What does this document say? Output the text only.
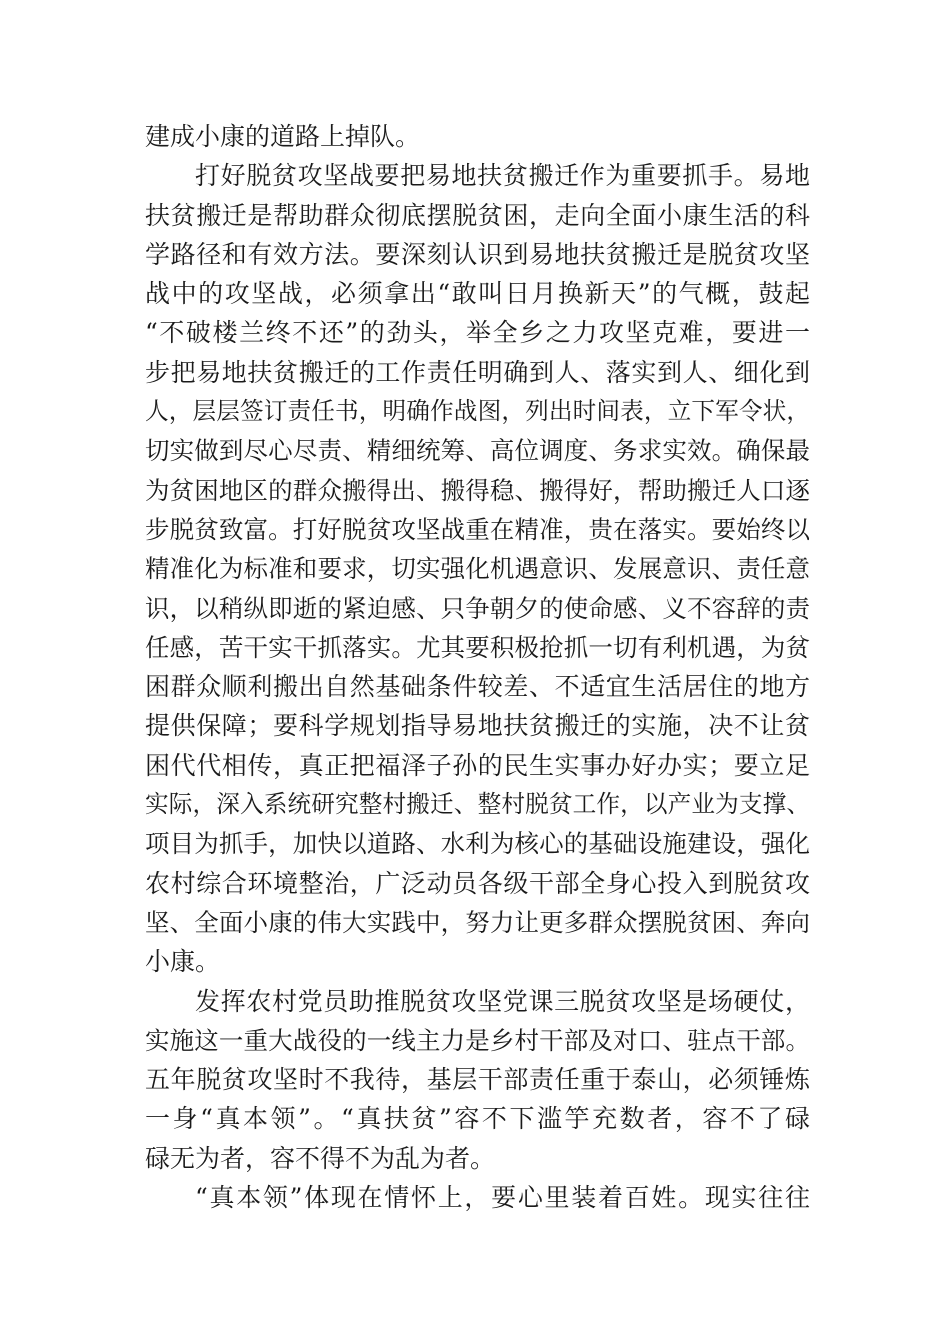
建成小康的道路上掉队。
打好脱贫攻坚战要把易地扶贫搬迁作为重要抓手。易地
扶贫搬迁是帮助群众彻底摆脱贫困，走向全面小康生活的科
学路径和有效方法。要深刻认识到易地扶贫搬迁是脱贫攻坚
战中的攻坚战，必须拿出“敢叫日月换新天”的气概，鼓起
“不破楼兰终不还”的劲头，举全乡之力攻坚克难，要进一
步把易地扶贫搬迁的工作责任明确到人、落实到人、细化到
人，层层签订责任书，明确作战图，列出时间表，立下军令状，
切实做到尽心尽责、精细统筹、高位调度、务求实效。确保最
为贫困地区的群众搬得出、搬得稳、搬得好，帮助搬迁人口逐
步脱贫致富。打好脱贫攻坚战重在精准，贵在落实。要始终以
精准化为标准和要求，切实强化机遇意识、发展意识、责任意
识，以稍纵即逝的紧迫感、只争朝夕的使命感、义不容辞的责
任感，苦干实干抓落实。尤其要积极抢抓一切有利机遇，为贫
困群众顺利搬出自然基础条件较差、不适宜生活居住的地方
提供保障；要科学规划指导易地扶贫搬迁的实施，决不让贫
困代代相传，真正把福泽子孙的民生实事办好办实；要立足
实际，深入系统研究整村搬迁、整村脱贫工作，以产业为支撑、
项目为抓手，加快以道路、水利为核心的基础设施建设，强化
农村综合环境整治，广泛动员各级干部全身心投入到脱贫攻
坚、全面小康的伟大实践中，努力让更多群众摆脱贫困、奔向
小康。
发挥农村党员助推脱贫攻坚党课三脱贫攻坚是场硬仗，
实施这一重大战役的一线主力是乡村干部及对口、驻点干部。
五年脱贫攻坚时不我待，基层干部责任重于泰山，必须锤炼
一身“真本领”。“真扶贫”容不下滥竽充数者，容不了碌
碌无为者，容不得不为乱为者。
“真本领”体现在情怀上，要心里装着百姓。现实往往
